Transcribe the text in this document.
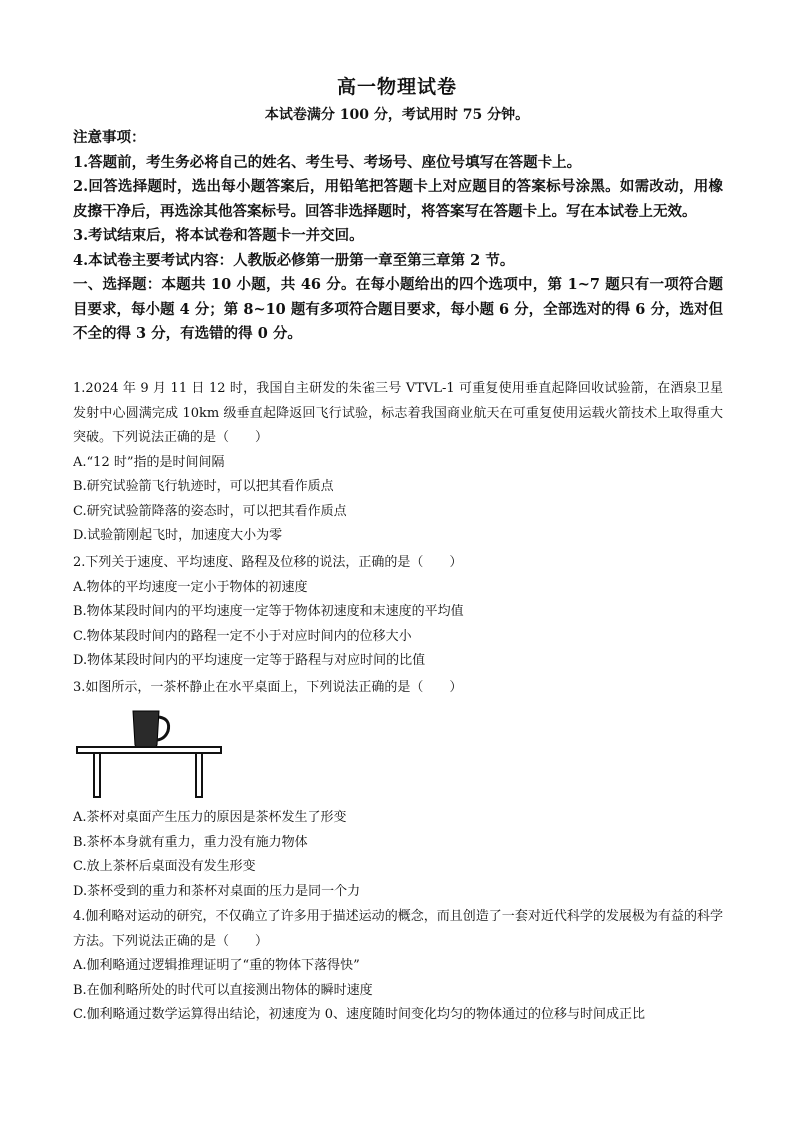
高一物理试卷
本试卷满分 100 分，考试用时 75 分钟。
注意事项：
1.答题前，考生务必将自己的姓名、考生号、考场号、座位号填写在答题卡上。
2.回答选择题时，选出每小题答案后，用铅笔把答题卡上对应题目的答案标号涂黑。如需改动，用橡皮擦干净后，再选涂其他答案标号。回答非选择题时，将答案写在答题卡上。写在本试卷上无效。
3.考试结束后，将本试卷和答题卡一并交回。
4.本试卷主要考试内容：人教版必修第一册第一章至第三章第 2 节。
一、选择题：本题共 10 小题，共 46 分。在每小题给出的四个选项中，第 1~7 题只有一项符合题目要求，每小题 4 分；第 8~10 题有多项符合题目要求，每小题 6 分，全部选对的得 6 分，选对但不全的得 3 分，有选错的得 0 分。
1.2024 年 9 月 11 日 12 时，我国自主研发的朱雀三号 VTVL-1 可重复使用垂直起降回收试验箭，在酒泉卫星发射中心圆满完成 10km 级垂直起降返回飞行试验，标志着我国商业航天在可重复使用运载火箭技术上取得重大突破。下列说法正确的是（　　）
A.“12 时”指的是时间间隔
B.研究试验箭飞行轨迹时，可以把其看作质点
C.研究试验箭降落的姿态时，可以把其看作质点
D.试验箭刚起飞时，加速度大小为零
2.下列关于速度、平均速度、路程及位移的说法，正确的是（　　）
A.物体的平均速度一定小于物体的初速度
B.物体某段时间内的平均速度一定等于物体初速度和末速度的平均值
C.物体某段时间内的路程一定不小于对应时间内的位移大小
D.物体某段时间内的平均速度一定等于路程与对应时间的比值
3.如图所示，一茶杯静止在水平桌面上，下列说法正确的是（　　）
A.茶杯对桌面产生压力的原因是茶杯发生了形变
B.茶杯本身就有重力，重力没有施力物体
C.放上茶杯后桌面没有发生形变
D.茶杯受到的重力和茶杯对桌面的压力是同一个力
4.伽利略对运动的研究，不仅确立了许多用于描述运动的概念，而且创造了一套对近代科学的发展极为有益的科学方法。下列说法正确的是（　　）
A.伽利略通过逻辑推理证明了“重的物体下落得快”
B.在伽利略所处的时代可以直接测出物体的瞬时速度
C.伽利略通过数学运算得出结论，初速度为 0、速度随时间变化均匀的物体通过的位移与时间成正比
